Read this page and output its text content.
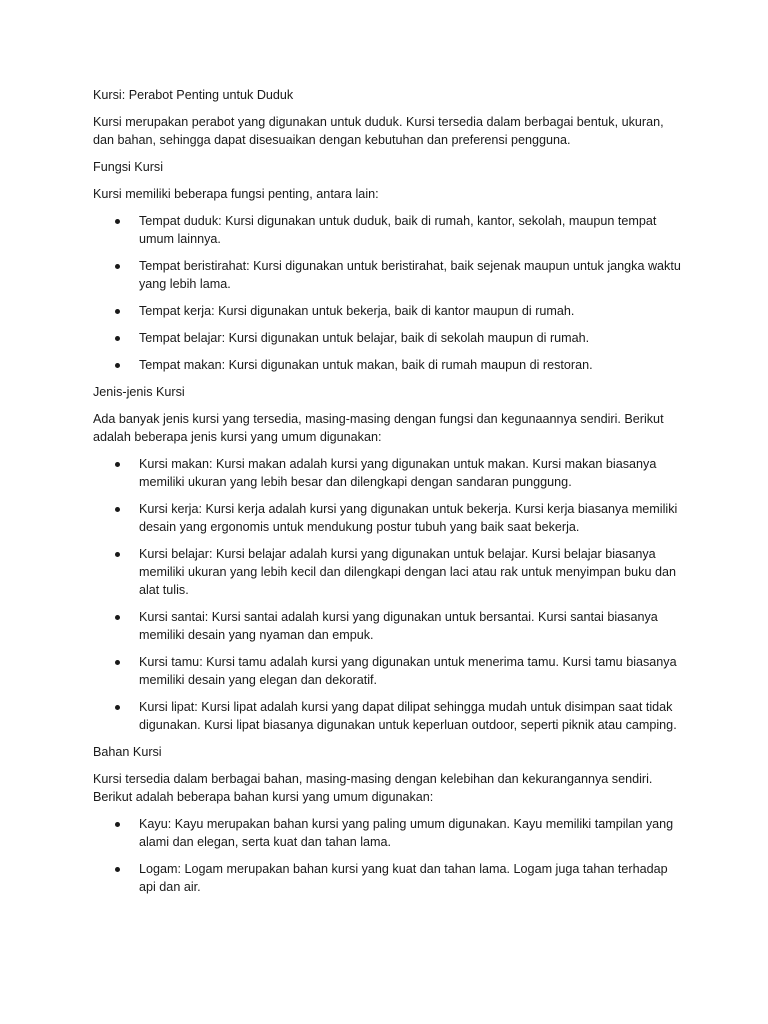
Kursi: Perabot Penting untuk Duduk
Kursi merupakan perabot yang digunakan untuk duduk. Kursi tersedia dalam berbagai bentuk, ukuran, dan bahan, sehingga dapat disesuaikan dengan kebutuhan dan preferensi pengguna.
Fungsi Kursi
Kursi memiliki beberapa fungsi penting, antara lain:
Tempat duduk: Kursi digunakan untuk duduk, baik di rumah, kantor, sekolah, maupun tempat umum lainnya.
Tempat beristirahat: Kursi digunakan untuk beristirahat, baik sejenak maupun untuk jangka waktu yang lebih lama.
Tempat kerja: Kursi digunakan untuk bekerja, baik di kantor maupun di rumah.
Tempat belajar: Kursi digunakan untuk belajar, baik di sekolah maupun di rumah.
Tempat makan: Kursi digunakan untuk makan, baik di rumah maupun di restoran.
Jenis-jenis Kursi
Ada banyak jenis kursi yang tersedia, masing-masing dengan fungsi dan kegunaannya sendiri. Berikut adalah beberapa jenis kursi yang umum digunakan:
Kursi makan: Kursi makan adalah kursi yang digunakan untuk makan. Kursi makan biasanya memiliki ukuran yang lebih besar dan dilengkapi dengan sandaran punggung.
Kursi kerja: Kursi kerja adalah kursi yang digunakan untuk bekerja. Kursi kerja biasanya memiliki desain yang ergonomis untuk mendukung postur tubuh yang baik saat bekerja.
Kursi belajar: Kursi belajar adalah kursi yang digunakan untuk belajar. Kursi belajar biasanya memiliki ukuran yang lebih kecil dan dilengkapi dengan laci atau rak untuk menyimpan buku dan alat tulis.
Kursi santai: Kursi santai adalah kursi yang digunakan untuk bersantai. Kursi santai biasanya memiliki desain yang nyaman dan empuk.
Kursi tamu: Kursi tamu adalah kursi yang digunakan untuk menerima tamu. Kursi tamu biasanya memiliki desain yang elegan dan dekoratif.
Kursi lipat: Kursi lipat adalah kursi yang dapat dilipat sehingga mudah untuk disimpan saat tidak digunakan. Kursi lipat biasanya digunakan untuk keperluan outdoor, seperti piknik atau camping.
Bahan Kursi
Kursi tersedia dalam berbagai bahan, masing-masing dengan kelebihan dan kekurangannya sendiri. Berikut adalah beberapa bahan kursi yang umum digunakan:
Kayu: Kayu merupakan bahan kursi yang paling umum digunakan. Kayu memiliki tampilan yang alami dan elegan, serta kuat dan tahan lama.
Logam: Logam merupakan bahan kursi yang kuat dan tahan lama. Logam juga tahan terhadap api dan air.
